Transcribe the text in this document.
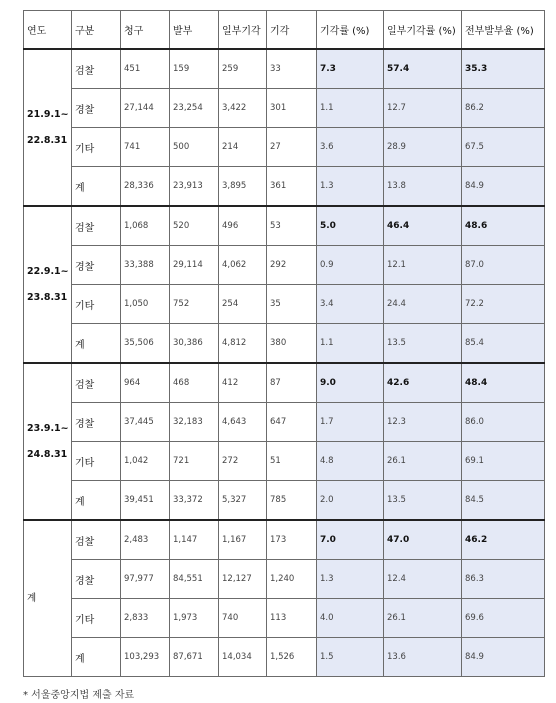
연도	구분	청구	발부	일부기각	기각	기각률 (%)	일부기각률 (%)	전부발부율 (%)

21.9.1~
22.8.31	검찰	451	159	259	33	7.3	57.4	35.3
	경찰	27,144	23,254	3,422	301	1.1	12.7	86.2
	기타	741	500	214	27	3.6	28.9	67.5
	계	28,336	23,913	3,895	361	1.3	13.8	84.9

22.9.1~
23.8.31	검찰	1,068	520	496	53	5.0	46.4	48.6
	경찰	33,388	29,114	4,062	292	0.9	12.1	87.0
	기타	1,050	752	254	35	3.4	24.4	72.2
	계	35,506	30,386	4,812	380	1.1	13.5	85.4

23.9.1~
24.8.31	검찰	964	468	412	87	9.0	42.6	48.4
	경찰	37,445	32,183	4,643	647	1.7	12.3	86.0
	기타	1,042	721	272	51	4.8	26.1	69.1
	계	39,451	33,372	5,327	785	2.0	13.5	84.5

계	검찰	2,483	1,147	1,167	173	7.0	47.0	46.2
	경찰	97,977	84,551	12,127	1,240	1.3	12.4	86.3
	기타	2,833	1,973	740	113	4.0	26.1	69.6
	계	103,293	87,671	14,034	1,526	1.5	13.6	84.9
* 서울중앙지법 제출 자료
